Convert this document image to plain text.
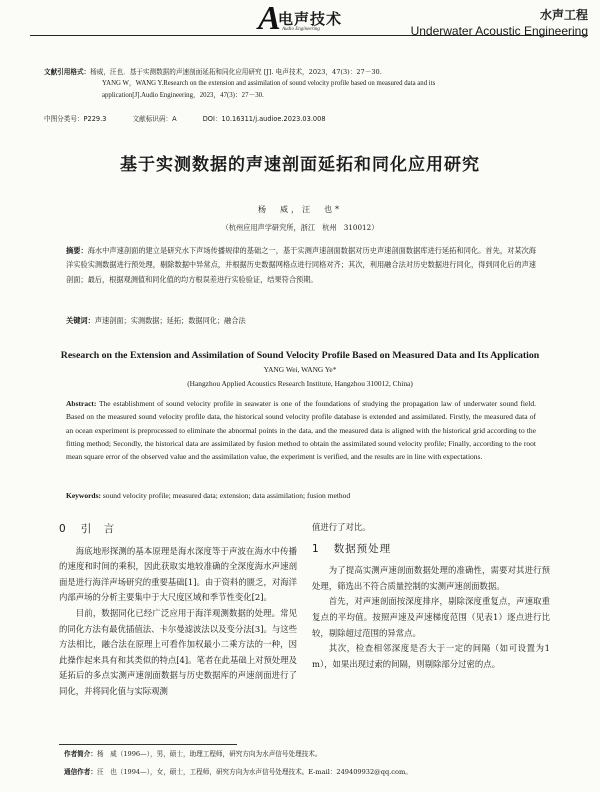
A
电声技术
Audio Engineering
水声工程
Underwater Acoustic Engineering
文献引用格式：杨威，汪也．基于实测数据的声速剖面延拓和同化应用研究 [J]. 电声技术，2023，47(3)：27－30.
YANG W，WANG Y.Research on the extension and assimilation of sound velocity profile based on measured data and its
application[J].Audio Engineering，2023，47(3)：27－30.
中图分类号：P229.3	文献标识码：A	DOI：10.16311/j.audioe.2023.03.008
基于实测数据的声速剖面延拓和同化应用研究
杨　威，汪　也*
（杭州应用声学研究所，浙江　杭州　310012）
摘要：海水中声速剖面的建立是研究水下声场传播规律的基础之一，基于实测声速剖面数据对历史声速剖面数据库进行延拓和同化。首先，对某次海洋实验实测数据进行预处理，剔除数据中异常点，并根据历史数据网格点进行同格对齐；其次，利用融合法对历史数据进行同化，得到同化后的声速剖面；最后，根据观测值和同化值的均方根误差进行实验验证，结果符合预期。
关键词：声速剖面；实测数据；延拓；数据同化；融合法
Research on the Extension and Assimilation of Sound Velocity Profile Based on Measured Data and Its Application
YANG Wei, WANG Ye*
(Hangzhou Applied Acoustics Research Institute, Hangzhou 310012, China)
Abstract: The establishment of sound velocity profile in seawater is one of the foundations of studying the propagation law of underwater sound field. Based on the measured sound velocity profile data, the historical sound velocity profile database is extended and assimilated. Firstly, the measured data of an ocean experiment is preprocessed to eliminate the abnormal points in the data, and the measured data is aligned with the historical grid according to the fitting method; Secondly, the historical data are assimilated by fusion method to obtain the assimilated sound velocity profile; Finally, according to the root mean square error of the observed value and the assimilation value, the experiment is verified, and the results are in line with expectations.
Keywords: sound velocity profile; measured data; extension; data assimilation; fusion method
0 引　言

海底地形探测的基本原理是海水深度等于声波在海水中传播的速度和时间的乘积，因此获取实地较准确的全深度海水声速剖面是进行海洋声场研究的重要基础[1]。由于资料的匮乏，对海洋内部声场的分析主要集中于大尺度区域和季节性变化[2]。

目前，数据同化已经广泛应用于海洋观测数据的处理。常见的同化方法有最优插值法、卡尔曼滤波法以及变分法[3]。与这些方法相比，融合法在原理上可看作加权最小二乘方法的一种，因此操作起来具有和其类似的特点[4]。笔者在此基础上对预处理及延拓后的多点实测声速剖面数据与历史数据库的声速剖面进行了同化，并将同化值与实际观测

值进行了对比。

1 数据预处理

为了提高实测声速剖面数据处理的准确性，需要对其进行预处理，筛选出不符合质量控制的实测声速剖面数据。

首先，对声速剖面按深度排序，剔除深度重复点，声速取重复点的平均值。按照声速及声速梯度范围（见表1）逐点进行比较，剔除超过范围的异常点。

其次，检查相邻深度是否大于一定的间隔（如可设置为1 m），如果出现过索的间隔，则剔除部分过密的点。

作者简介：杨　威（1996—），男，硕士，助理工程师，研究方向为水声信号处理技术。
通信作者：汪　也（1994—），女，硕士，工程师，研究方向为水声信号处理技术。E-mail：249409932@qq.com。
